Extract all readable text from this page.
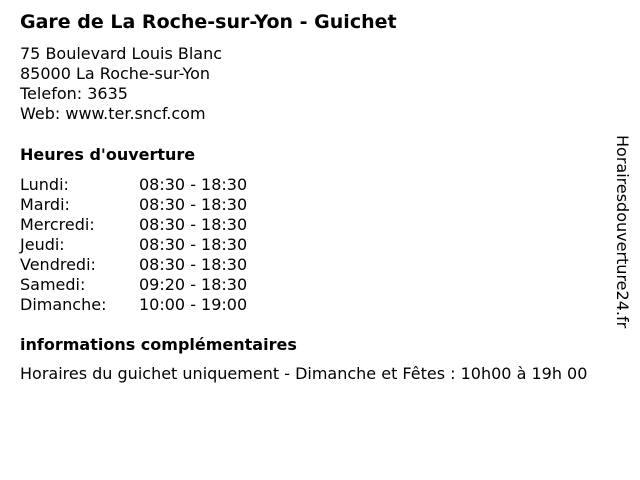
Gare de La Roche-sur-Yon - Guichet
75 Boulevard Louis Blanc
85000 La Roche-sur-Yon
Telefon: 3635
Web: www.ter.sncf.com
Heures d'ouverture
Lundi:	08:30 - 18:30
Mardi:	08:30 - 18:30
Mercredi:	08:30 - 18:30
Jeudi:	08:30 - 18:30
Vendredi:	08:30 - 18:30
Samedi:	09:20 - 18:30
Dimanche:	10:00 - 19:00
informations complémentaires
Horaires du guichet uniquement - Dimanche et Fêtes : 10h00 à 19h 00
Horairesdouverture24.fr
